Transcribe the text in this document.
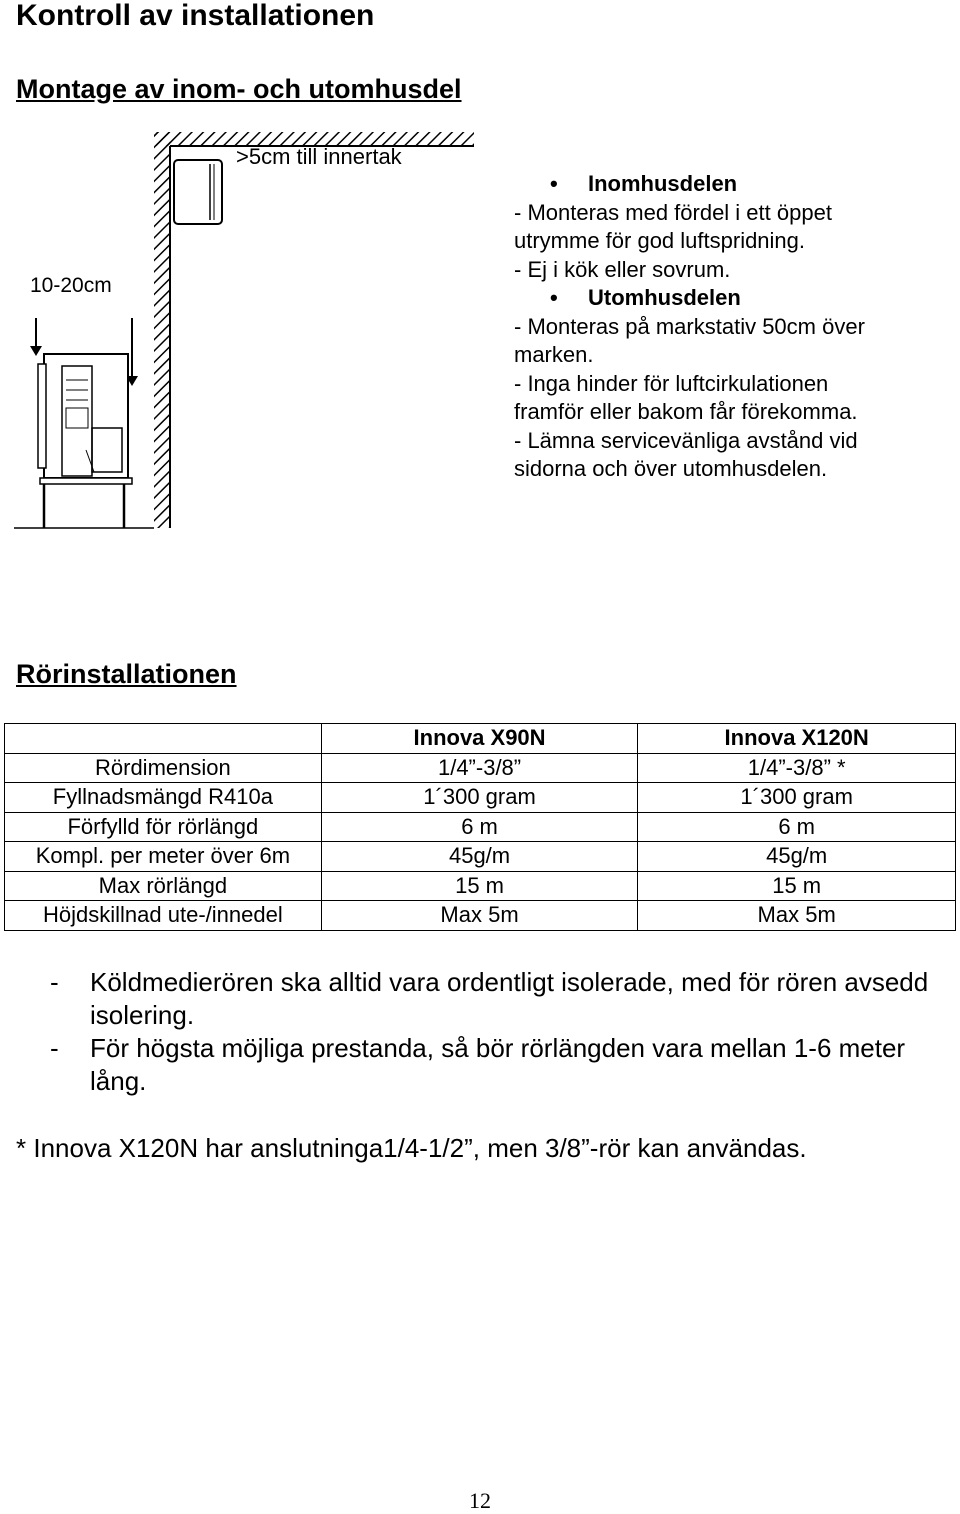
Kontroll av installationen
Montage av inom- och utomhusdel
>5cm till innertak
10-20cm
• Inomhusdelen
- Monteras med fördel i ett öppet
utrymme för god luftspridning.
- Ej i kök eller sovrum.
• Utomhusdelen
- Monteras på markstativ 50cm över
marken.
- Inga hinder för luftcirkulationen
framför eller bakom får förekomma.
- Lämna servicevänliga avstånd vid
sidorna och över utomhusdelen.
Rörinstallationen
	Innova X90N	Innova X120N
Rördimension	1/4”-3/8”	1/4”-3/8” *
Fyllnadsmängd R410a	1´300 gram	1´300 gram
Förfylld för rörlängd	6 m	6 m
Kompl. per meter över 6m	45g/m	45g/m
Max rörlängd	15 m	15 m
Höjdskillnad ute-/innedel	Max 5m	Max 5m
- Köldmedierören ska alltid vara ordentligt isolerade, med för rören avsedd isolering.
- För högsta möjliga prestanda, så bör rörlängden vara mellan 1-6 meter lång.
* Innova X120N har anslutninga1/4-1/2”, men 3/8”-rör kan användas.
12
